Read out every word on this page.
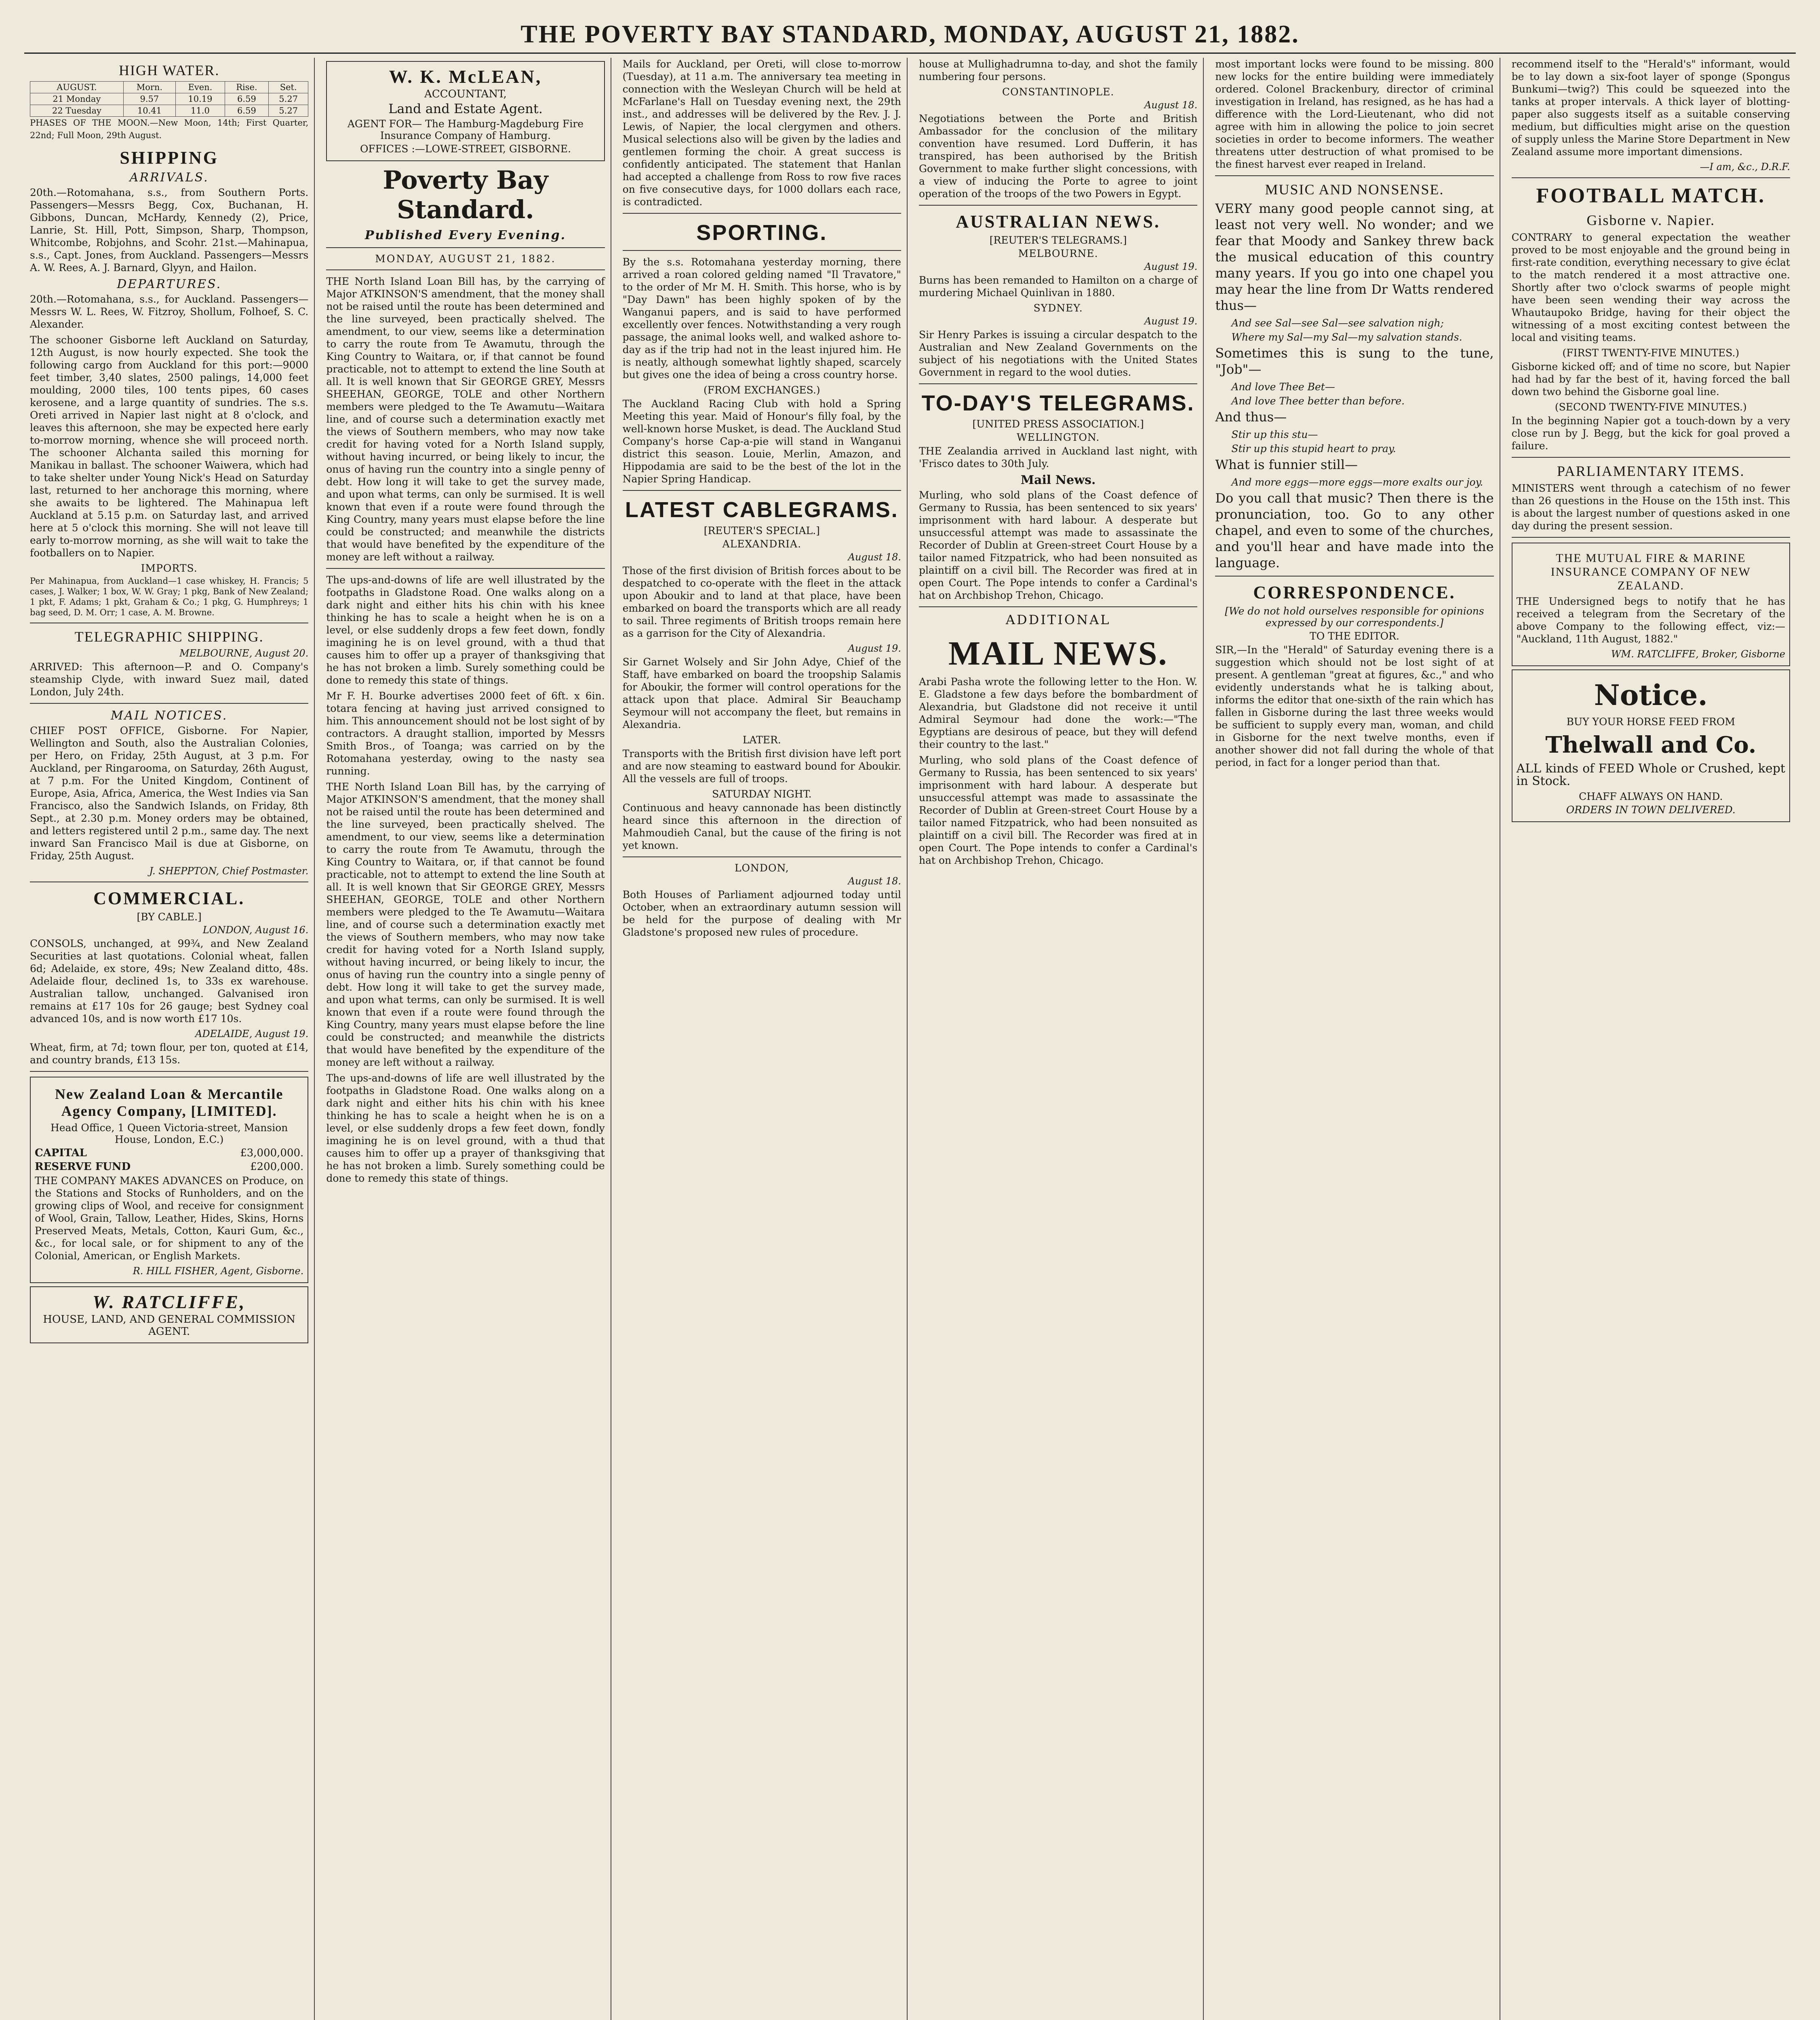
THE POVERTY BAY STANDARD, MONDAY, AUGUST 21, 1882.
HIGH WATER.
AUGUST.	Morn.	Even.	Rise.	Set.
21 Monday	9.57	10.19	6.59	5.27
22 Tuesday	10.41	11.0	6.59	5.27

PHASES OF THE MOON.—New Moon, 14th; First Quarter, 22nd; Full Moon, 29th August.

SHIPPING
ARRIVALS.

20th.—Rotomahana, s.s., from Southern Ports. Passengers—Messrs Begg, Cox, Buchanan, H. Gibbons, Duncan, McHardy, Kennedy (2), Price, Lanrie, St. Hill, Pott, Simpson, Sharp, Thompson, Whitcombe, Robjohns, and Scohr. 21st.—Mahinapua, s.s., Capt. Jones, from Auckland. Passengers—Messrs A. W. Rees, A. J. Barnard, Glyyn, and Hailon.

DEPARTURES.

20th.—Rotomahana, s.s., for Auckland. Passengers—Messrs W. L. Rees, W. Fitzroy, Shollum, Folhoef, S. C. Alexander.

The schooner Gisborne left Auckland on Saturday, 12th August, is now hourly expected. She took the following cargo from Auckland for this port:—9000 feet timber, 3,40 slates, 2500 palings, 14,000 feet moulding, 2000 tiles, 100 tents pipes, 60 cases kerosene, and a large quantity of sundries. The s.s. Oreti arrived in Napier last night at 8 o'clock, and leaves this afternoon, she may be expected here early to-morrow morning, whence she will proceed north. The schooner Alchanta sailed this morning for Manikau in ballast. The schooner Waiwera, which had to take shelter under Young Nick's Head on Saturday last, returned to her anchorage this morning, where she awaits to be lightered. The Mahinapua left Auckland at 5.15 p.m. on Saturday last, and arrived here at 5 o'clock this morning. She will not leave till early to-morrow morning, as she will wait to take the footballers on to Napier.

IMPORTS.

Per Mahinapua, from Auckland—1 case whiskey, H. Francis; 5 cases, J. Walker; 1 box, W. W. Gray; 1 pkg, Bank of New Zealand; 1 pkt, F. Adams; 1 pkt, Graham & Co.; 1 pkg, G. Humphreys; 1 bag seed, D. M. Orr; 1 case, A. M. Browne.

TELEGRAPHIC SHIPPING.
MELBOURNE, August 20.

ARRIVED: This afternoon—P. and O. Company's steamship Clyde, with inward Suez mail, dated London, July 24th.

MAIL NOTICES.

CHIEF POST OFFICE, Gisborne. For Napier, Wellington and South, also the Australian Colonies, per Hero, on Friday, 25th August, at 3 p.m. For Auckland, per Ringarooma, on Saturday, 26th August, at 7 p.m. For the United Kingdom, Continent of Europe, Asia, Africa, America, the West Indies via San Francisco, also the Sandwich Islands, on Friday, 8th Sept., at 2.30 p.m. Money orders may be obtained, and letters registered until 2 p.m., same day. The next inward San Francisco Mail is due at Gisborne, on Friday, 25th August.

J. SHEPPTON, Chief Postmaster.
COMMERCIAL.
[BY CABLE.]
LONDON, August 16.

CONSOLS, unchanged, at 99¾, and New Zealand Securities at last quotations. Colonial wheat, fallen 6d; Adelaide, ex store, 49s; New Zealand ditto, 48s. Adelaide flour, declined 1s, to 33s ex warehouse. Australian tallow, unchanged. Galvanised iron remains at £17 10s for 26 gauge; best Sydney coal advanced 10s, and is now worth £17 10s.

ADELAIDE, August 19.

Wheat, firm, at 7d; town flour, per ton, quoted at £14, and country brands, £13 15s.

New Zealand Loan & Mercantile Agency Company, [LIMITED].
Head Office, 1 Queen Victoria-street, Mansion House, London, E.C.)
CAPITAL	£3,000,000.
RESERVE FUND	£200,000.

THE COMPANY MAKES ADVANCES on Produce, on the Stations and Stocks of Runholders, and on the growing clips of Wool, and receive for consignment of Wool, Grain, Tallow, Leather, Hides, Skins, Horns Preserved Meats, Metals, Cotton, Kauri Gum, &c., &c., for local sale, or for shipment to any of the Colonial, American, or English Markets.

R. HILL FISHER, Agent, Gisborne.
W. RATCLIFFE,
HOUSE, LAND, AND GENERAL COMMISSION AGENT.
W. K. McLEAN,
ACCOUNTANT,
Land and Estate Agent.
AGENT FOR— The Hamburg-Magdeburg Fire Insurance Company of Hamburg.
OFFICES :—LOWE-STREET, GISBORNE.
Poverty Bay Standard.
Published Every Evening.
MONDAY, AUGUST 21, 1882.

THE North Island Loan Bill has, by the carrying of Major ATKINSON'S amendment, that the money shall not be raised until the route has been determined and the line surveyed, been practically shelved. The amendment, to our view, seems like a determination to carry the route from Te Awamutu, through the King Country to Waitara, or, if that cannot be found practicable, not to attempt to extend the line South at all. It is well known that Sir GEORGE GREY, Messrs SHEEHAN, GEORGE, TOLE and other Northern members were pledged to the Te Awamutu—Waitara line, and of course such a determination exactly met the views of Southern members, who may now take credit for having voted for a North Island supply, without having incurred, or being likely to incur, the onus of having run the country into a single penny of debt. How long it will take to get the survey made, and upon what terms, can only be surmised. It is well known that even if a route were found through the King Country, many years must elapse before the line could be constructed; and meanwhile the districts that would have benefited by the expenditure of the money are left without a railway.

The ups-and-downs of life are well illustrated by the footpaths in Gladstone Road. One walks along on a dark night and either hits his chin with his knee thinking he has to scale a height when he is on a level, or else suddenly drops a few feet down, fondly imagining he is on level ground, with a thud that causes him to offer up a prayer of thanksgiving that he has not broken a limb. Surely something could be done to remedy this state of things.

Mr F. H. Bourke advertises 2000 feet of 6ft. x 6in. totara fencing at having just arrived consigned to him. This announcement should not be lost sight of by contractors. A draught stallion, imported by Messrs Smith Bros., of Toanga; was carried on by the Rotomahana yesterday, owing to the nasty sea running.

THE North Island Loan Bill has, by the carrying of Major ATKINSON'S amendment, that the money shall not be raised until the route has been determined and the line surveyed, been practically shelved. The amendment, to our view, seems like a determination to carry the route from Te Awamutu, through the King Country to Waitara, or, if that cannot be found practicable, not to attempt to extend the line South at all. It is well known that Sir GEORGE GREY, Messrs SHEEHAN, GEORGE, TOLE and other Northern members were pledged to the Te Awamutu—Waitara line, and of course such a determination exactly met the views of Southern members, who may now take credit for having voted for a North Island supply, without having incurred, or being likely to incur, the onus of having run the country into a single penny of debt. How long it will take to get the survey made, and upon what terms, can only be surmised. It is well known that even if a route were found through the King Country, many years must elapse before the line could be constructed; and meanwhile the districts that would have benefited by the expenditure of the money are left without a railway.

The ups-and-downs of life are well illustrated by the footpaths in Gladstone Road. One walks along on a dark night and either hits his chin with his knee thinking he has to scale a height when he is on a level, or else suddenly drops a few feet down, fondly imagining he is on level ground, with a thud that causes him to offer up a prayer of thanksgiving that he has not broken a limb. Surely something could be done to remedy this state of things.

Mails for Auckland, per Oreti, will close to-morrow (Tuesday), at 11 a.m. The anniversary tea meeting in connection with the Wesleyan Church will be held at McFarlane's Hall on Tuesday evening next, the 29th inst., and addresses will be delivered by the Rev. J. J. Lewis, of Napier, the local clergymen and others. Musical selections also will be given by the ladies and gentlemen forming the choir. A great success is confidently anticipated. The statement that Hanlan had accepted a challenge from Ross to row five races on five consecutive days, for 1000 dollars each race, is contradicted.

SPORTING.

By the s.s. Rotomahana yesterday morning, there arrived a roan colored gelding named "Il Travatore," to the order of Mr M. H. Smith. This horse, who is by "Day Dawn" has been highly spoken of by the Wanganui papers, and is said to have performed excellently over fences. Notwithstanding a very rough passage, the animal looks well, and walked ashore to-day as if the trip had not in the least injured him. He is neatly, although somewhat lightly shaped, scarcely but gives one the idea of being a cross country horse.

(FROM EXCHANGES.)

The Auckland Racing Club with hold a Spring Meeting this year. Maid of Honour's filly foal, by the well-known horse Musket, is dead. The Auckland Stud Company's horse Cap-a-pie will stand in Wanganui district this season. Louie, Merlin, Amazon, and Hippodamia are said to be the best of the lot in the Napier Spring Handicap.

LATEST CABLEGRAMS.
[REUTER'S SPECIAL.]
ALEXANDRIA.
August 18.

Those of the first division of British forces about to be despatched to co-operate with the fleet in the attack upon Aboukir and to land at that place, have been embarked on board the transports which are all ready to sail. Three regiments of British troops remain here as a garrison for the City of Alexandria.

August 19.

Sir Garnet Wolsely and Sir John Adye, Chief of the Staff, have embarked on board the troopship Salamis for Aboukir, the former will control operations for the attack upon that place. Admiral Sir Beauchamp Seymour will not accompany the fleet, but remains in Alexandria.

LATER.

Transports with the British first division have left port and are now steaming to eastward bound for Aboukir. All the vessels are full of troops.

SATURDAY NIGHT.

Continuous and heavy cannonade has been distinctly heard since this afternoon in the direction of Mahmoudieh Canal, but the cause of the firing is not yet known.

LONDON,
August 18.

Both Houses of Parliament adjourned today until October, when an extraordinary autumn session will be held for the purpose of dealing with Mr Gladstone's proposed new rules of procedure.

house at Mullighadrumna to-day, and shot the family numbering four persons.

CONSTANTINOPLE.
August 18.

Negotiations between the Porte and British Ambassador for the conclusion of the military convention have resumed. Lord Dufferin, it has transpired, has been authorised by the British Government to make further slight concessions, with a view of inducing the Porte to agree to joint operation of the troops of the two Powers in Egypt.

AUSTRALIAN NEWS.
[REUTER'S TELEGRAMS.]
MELBOURNE.
August 19.

Burns has been remanded to Hamilton on a charge of murdering Michael Quinlivan in 1880.

SYDNEY.
August 19.

Sir Henry Parkes is issuing a circular despatch to the Australian and New Zealand Governments on the subject of his negotiations with the United States Government in regard to the wool duties.

TO-DAY'S TELEGRAMS.
[UNITED PRESS ASSOCIATION.]
WELLINGTON.

THE Zealandia arrived in Auckland last night, with 'Frisco dates to 30th July.

Mail News.

Murling, who sold plans of the Coast defence of Germany to Russia, has been sentenced to six years' imprisonment with hard labour. A desperate but unsuccessful attempt was made to assassinate the Recorder of Dublin at Green-street Court House by a tailor named Fitzpatrick, who had been nonsuited as plaintiff on a civil bill. The Recorder was fired at in open Court. The Pope intends to confer a Cardinal's hat on Archbishop Trehon, Chicago.

ADDITIONAL
MAIL NEWS.

Arabi Pasha wrote the following letter to the Hon. W. E. Gladstone a few days before the bombardment of Alexandria, but Gladstone did not receive it until Admiral Seymour had done the work:—"The Egyptians are desirous of peace, but they will defend their country to the last."

Murling, who sold plans of the Coast defence of Germany to Russia, has been sentenced to six years' imprisonment with hard labour. A desperate but unsuccessful attempt was made to assassinate the Recorder of Dublin at Green-street Court House by a tailor named Fitzpatrick, who had been nonsuited as plaintiff on a civil bill. The Recorder was fired at in open Court. The Pope intends to confer a Cardinal's hat on Archbishop Trehon, Chicago.

most important locks were found to be missing. 800 new locks for the entire building were immediately ordered. Colonel Brackenbury, director of criminal investigation in Ireland, has resigned, as he has had a difference with the Lord-Lieutenant, who did not agree with him in allowing the police to join secret societies in order to become informers. The weather threatens utter destruction of what promised to be the finest harvest ever reaped in Ireland.

MUSIC AND NONSENSE.

VERY many good people cannot sing, at least not very well. No wonder; and we fear that Moody and Sankey threw back the musical education of this country many years. If you go into one chapel you may hear the line from Dr Watts rendered thus—

And see Sal—see Sal—see salvation nigh;
Where my Sal—my Sal—my salvation stands.

Sometimes this is sung to the tune, "Job"—

And love Thee Bet—
And love Thee better than before.

And thus—

Stir up this stu—
Stir up this stupid heart to pray.

What is funnier still—

And more eggs—more eggs—more exalts our joy.

Do you call that music? Then there is the pronunciation, too. Go to any other chapel, and even to some of the churches, and you'll hear and have made into the language.

CORRESPONDENCE.
[We do not hold ourselves responsible for opinions expressed by our correspondents.]
TO THE EDITOR.

SIR,—In the "Herald" of Saturday evening there is a suggestion which should not be lost sight of at present. A gentleman "great at figures, &c.," and who evidently understands what he is talking about, informs the editor that one-sixth of the rain which has fallen in Gisborne during the last three weeks would be sufficient to supply every man, woman, and child in Gisborne for the next twelve months, even if another shower did not fall during the whole of that period, in fact for a longer period than that.

recommend itself to the "Herald's" informant, would be to lay down a six-foot layer of sponge (Spongus Bunkumi—twig?) This could be squeezed into the tanks at proper intervals. A thick layer of blotting-paper also suggests itself as a suitable conserving medium, but difficulties might arise on the question of supply unless the Marine Store Department in New Zealand assume more important dimensions.

—I am, &c., D.R.F.
FOOTBALL MATCH.
Gisborne v. Napier.

CONTRARY to general expectation the weather proved to be most enjoyable and the ground being in first-rate condition, everything necessary to give éclat to the match rendered it a most attractive one. Shortly after two o'clock swarms of people might have been seen wending their way across the Whautaupoko Bridge, having for their object the witnessing of a most exciting contest between the local and visiting teams.

(FIRST TWENTY-FIVE MINUTES.)

Gisborne kicked off; and of time no score, but Napier had had by far the best of it, having forced the ball down two behind the Gisborne goal line.

(SECOND TWENTY-FIVE MINUTES.)

In the beginning Napier got a touch-down by a very close run by J. Begg, but the kick for goal proved a failure.

PARLIAMENTARY ITEMS.

MINISTERS went through a catechism of no fewer than 26 questions in the House on the 15th inst. This is about the largest number of questions asked in one day during the present session.

THE MUTUAL FIRE & MARINE INSURANCE COMPANY OF NEW ZEALAND.

THE Undersigned begs to notify that he has received a telegram from the Secretary of the above Company to the following effect, viz:— "Auckland, 11th August, 1882."

WM. RATCLIFFE, Broker, Gisborne
Notice.
BUY YOUR HORSE FEED FROM
Thelwall and Co.

ALL kinds of FEED Whole or Crushed, kept in Stock.

CHAFF ALWAYS ON HAND.
ORDERS IN TOWN DELIVERED.
